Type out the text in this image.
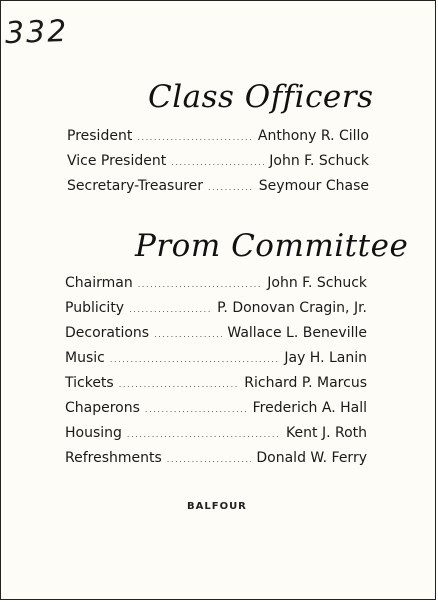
332
Class Officers
President .....	Anthony R. Cillo
Vice President .....	John F. Schuck
Secretary-Treasurer .....	Seymour Chase
Prom Committee
Chairman .....	John F. Schuck
Publicity .....	P. Donovan Cragin, Jr.
Decorations .....	Wallace L. Beneville
Music .....	Jay H. Lanin
Tickets .....	Richard P. Marcus
Chaperons .....	Frederich A. Hall
Housing .....	Kent J. Roth
Refreshments .....	Donald W. Ferry
BALFOUR
